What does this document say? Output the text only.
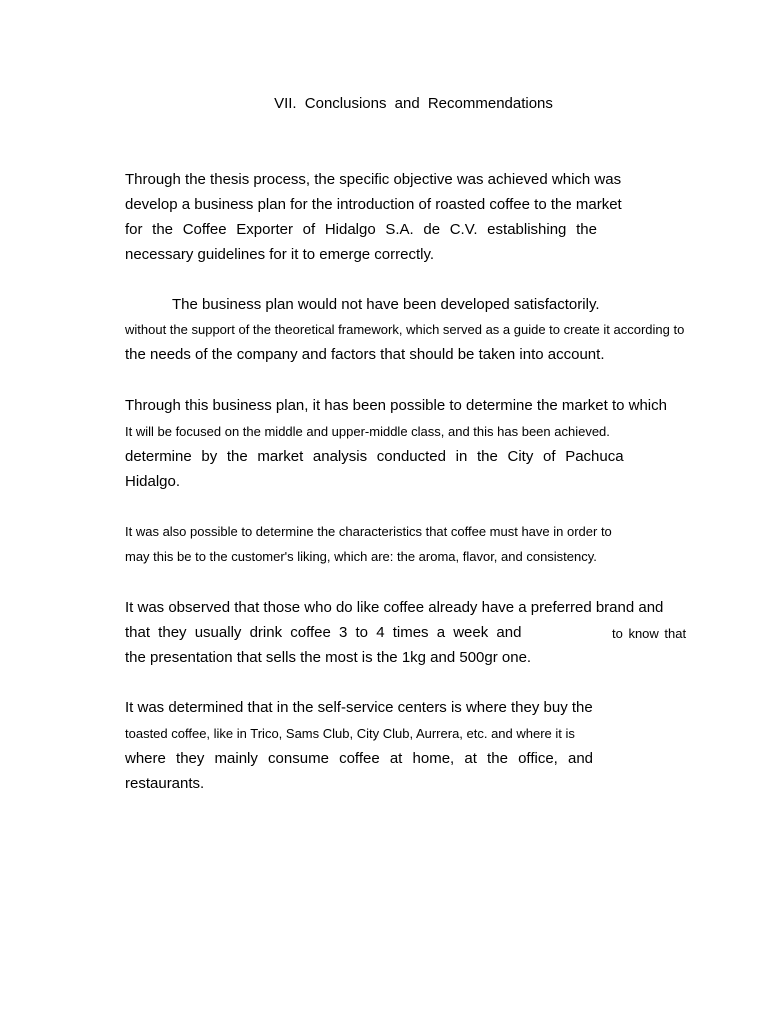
VII. Conclusions and Recommendations
Through the thesis process, the specific objective was achieved which was
develop a business plan for the introduction of roasted coffee to the market
for the Coffee Exporter of Hidalgo S.A. de C.V. establishing the
necessary guidelines for it to emerge correctly.
The business plan would not have been developed satisfactorily.
without the support of the theoretical framework, which served as a guide to create it according to
the needs of the company and factors that should be taken into account.
Through this business plan, it has been possible to determine the market to which
It will be focused on the middle and upper-middle class, and this has been achieved.
determine by the market analysis conducted in the City of Pachuca
Hidalgo.
It was also possible to determine the characteristics that coffee must have in order to
may this be to the customer's liking, which are: the aroma, flavor, and consistency.
It was observed that those who do like coffee already have a preferred brand and
that they usually drink coffee 3 to 4 times a week and	to know that
the presentation that sells the most is the 1kg and 500gr one.
It was determined that in the self-service centers is where they buy the
toasted coffee, like in Trico, Sams Club, City Club, Aurrera, etc. and where it is
where they mainly consume coffee at home, at the office, and
restaurants.
